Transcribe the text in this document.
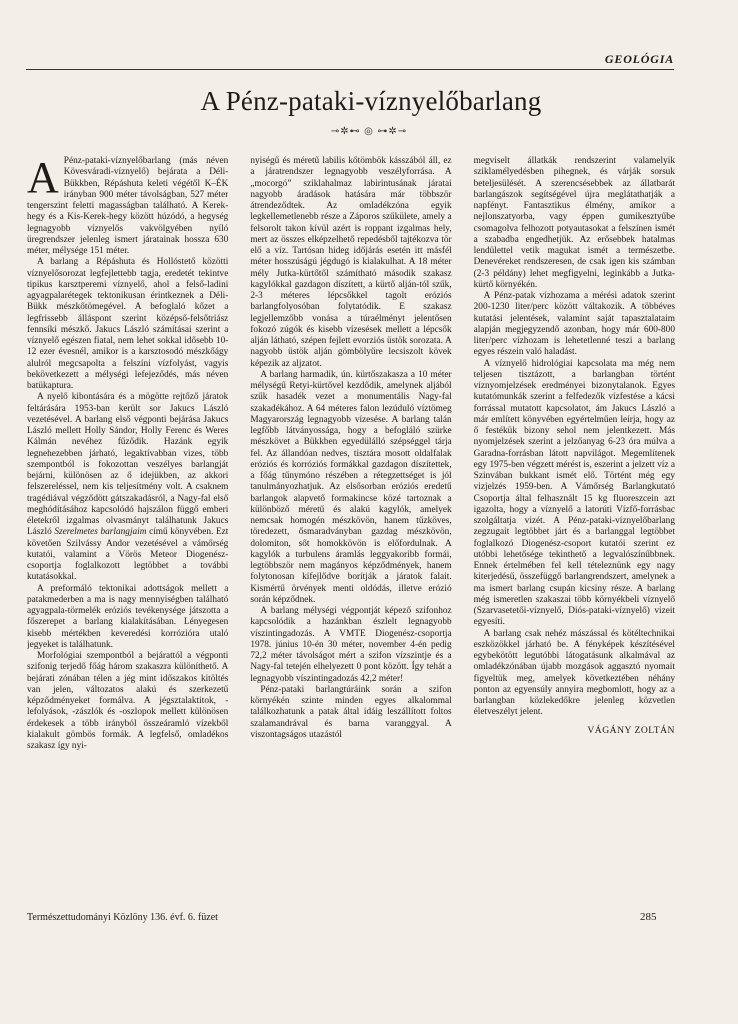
GEOLÓGIA
A Pénz-pataki-víznyelőbarlang
⊸✲⊷ ◎ ⊶✲⊸

A Pénz-pataki-víznyelőbarlang (más néven Kövesváradi-víznyelő) bejárata a Déli-Bükkben, Répáshuta keleti végétől K–ÉK irányban 900 méter távolságban, 527 méter tengerszint feletti magasságban található. A Kerek-hegy és a Kis-Kerek-hegy között húzódó, a hegység legnagyobb víznyelős vakvölgyében nyíló üregrendszer jelenleg ismert járatainak hossza 630 méter, mélysége 151 méter.

A barlang a Répáshuta és Hollóstető közötti víznyelősorozat legfejlettebb tagja, eredetét tekintve tipikus karsztperemi víznyelő, ahol a felső-ladini agyagpalarétegek tektonikusan érintkeznek a Déli-Bükk mészkőtömegével. A befoglaló kőzet a legfrissebb álláspont szerint középső-felsőtriász fennsíki mészkő. Jakucs László számításai szerint a víznyelő egészen fiatal, nem lehet sokkal idősebb 10-12 ezer évesnél, amikor is a karsztosodó mészkőágy alulról megcsapolta a felszíni vízfolyást, vagyis bekövetkezett a mélységi lefejeződés, más néven batükaptura.

A nyelő kibontására és a mögötte rejtőző járatok feltárására 1953-ban került sor Jakucs László vezetésével. A barlang első végponti bejárása Jakucs László mellett Holly Sándor, Holly Ferenc és Weres Kálmán nevéhez fűződik. Hazánk egyik legnehezebben járható, legaktívabban vizes, több szempontból is fokozottan veszélyes barlangját bejárni, különösen az ő idejükben, az akkori felszereléssel, nem kis teljesítmény volt. A csaknem tragédiával végződött gátszakadásról, a Nagy-fal első meghódításához kapcsolódó hajszálon függő emberi életekről izgalmas olvasmányt találhatunk Jakucs László Szerelmetes barlangjaim című könyvében. Ezt követően Szilvássy Andor vezetésével a vámőrség kutatói, valamint a Vörös Meteor Diogenész-csoportja foglalkozott legtöbbet a további kutatásokkal.

A preformáló tektonikai adottságok mellett a patakmederben a ma is nagy mennyiségben található agyagpala-törmelék eróziós tevékenysége játszotta a főszerepet a barlang kialakításában. Lényegesen kisebb mértékben keveredési korrózióra utaló jegyeket is találhatunk.

Morfológiai szempontból a bejárattól a végponti szifonig terjedő főág három szakaszra különíthető. A bejárati zónában télen a jég mint időszakos kitöltés van jelen, változatos alakú és szerkezetű képződményeket formálva. A jégsztalaktitok, -lefolyások, -zászlók és -oszlopok mellett különösen érdekesek a több irányból összeáramló vízekből kialakult gömbös formák. A legfelső, omladékos szakasz így nyi-

nyiségű és méretű labilis kőtömbök kásszából áll, ez a járatrendszer legnagyobb veszélyforrása. A „mocorgó” sziklahalmaz labirintusának járatai nagyobb áradások hatására már többször átrendeződtek. Az omladékzóna egyik legkellemetlenebb része a Záporos szűkülete, amely a felsorolt takon kívül azért is roppant izgalmas hely, mert az összes elképzelhető repedésből tajtékozva tör elő a víz. Tartósan hideg időjárás esetén itt másfél méter hosszúságú jégdugó is kialakulhat. A 18 méter mély Jutka-kürtőtől számítható második szakasz kagylókkal gazdagon díszített, a kürtő alján-tól szűk, 2-3 méteres lépcsőkkel tagolt eróziós barlangfolyosóban folytatódik. E szakasz legjellemzőbb vonása a túraélményt jelentősen fokozó zúgók és kisebb vízesések mellett a lépcsők alján látható, szépen fejlett evorziós üstök sorozata. A nagyobb üstök alján gömbölyűre lecsiszolt kövek képezik az aljzatot.

A barlang harmadik, ún. kürtőszakasza a 10 méter mélységű Retyi-kürtővel kezdődik, amelynek aljából szűk hasadék vezet a monumentális Nagy-fal szakadékához. A 64 méteres falon lezúduló víztömeg Magyarország legnagyobb vízesése. A barlang talán legfőbb látványossága, hogy a befogláló szürke mészkövet a Bükkben egyedülálló szépséggel tárja fel. Az állandóan nedves, tisztára mosott oldalfalak eróziós és korróziós formákkal gazdagon díszítettek, a főág tűnymóno részében a rétegzettséget is jól tanulmányozhatjuk. Az elsősorban eróziós eredetű barlangok alapvető formakincse közé tartoznak a különböző méretű és alakú kagylók, amelyek nemcsak homogén mészkövön, hanem tűzköves, töredezett, ősmaradványban gazdag mészkövön, dolomiton, sőt homokkövön is előfordulnak. A kagylók a turbulens áramlás leggyakoribb formái, legtöbbször nem magányos képződmények, hanem folytonosan kifejlődve borítják a járatok falait. Kismértű örvények menti oldódás, illetve erózió során képződnek.

A barlang mélységi végpontját képező szifonhoz kapcsolódik a hazánkban észlelt legnagyobb víszintingadozás. A VMTE Diogenész-csoportja 1978. június 10-én 30 méter, november 4-én pedig 72,2 méter távolságot mért a szifon vízszintje és a Nagy-fal tetején elhelyezett 0 pont között. Így tehát a legnagyobb víszintingadozás 42,2 méter!

Pénz-pataki barlangtúráink során a szifon környékén szinte minden egyes alkalommal találkozhatunk a patak által idáig leszállított foltos szalamandrával és barna varanggyal. A viszontagságos utazástól

megviselt állatkák rendszerint valamelyik sziklamélyedésben pihegnek, és várják sorsuk beteljesülését. A szerencsésebbek az állatbarát barlangászok segítségével újra meglátathatják a napfényt. Fantasztikus élmény, amikor a nejlonszatyorba, vagy éppen gumikesztyűbe csomagolva felhozott potyautasokat a felszínen ismét a szabadba engedhetjük. Az erősebbek hatalmas lendülettel vetik magukat ismét a természetbe. Denevéreket rendszeresen, de csak igen kis számban (2-3 példány) lehet megfigyelni, leginkább a Jutka-kürtő környékén.

A Pénz-patak vízhozama a mérési adatok szerint 200-1230 liter/perc között váltakozik. A többéves kutatási jelentések, valamint saját tapasztalataim alapján megjegyzendő azonban, hogy már 600-800 liter/perc vízhozam is lehetetlenné teszi a barlang egyes részein való haladást.

A víznyelő hidrológiai kapcsolata ma még nem teljesen tisztázott, a barlangban történt víznyomjelzések eredményei bizonytalanok. Egyes kutatómunkák szerint a felfedezők vízfestése a kácsi forrással mutatott kapcsolatot, ám Jakucs László a már említett könyvében egyértelműen leírja, hogy az ő festékük bizony sehol nem jelentkezett. Más nyomjelzések szerint a jelzőanyag 6-23 óra múlva a Garadna-forrásban látott napvilágot. Megemlítenek egy 1975-ben végzett mérést is, eszerint a jelzett víz a Szinvában bukkant ismét elő. Történt még egy vizjelzés 1959-ben. A Vámőrség Barlangkutató Csoportja által felhasznált 15 kg fluoreszcein azt igazolta, hogy a víznyelő a latorúti Vízfő-forrásbac szolgáltatja vizét. A Pénz-pataki-víznyelőbarlang zegzugait legtöbbet járt és a barlanggal legtöbbet foglalkozó Diogenész-csoport kutatói szerint ez utóbbi lehetősége tekinthető a legvalószínűbbnek. Ennek értelmében fel kell tételeznünk egy nagy kiterjedésű, összefüggő barlangrendszert, amelynek a ma ismert barlang csupán kicsiny része. A barlang még ismeretlen szakaszai több környékbeli víznyelő (Szarvasetetői-víznyelő, Diós-pataki-víznyelő) vizeit egyesíti.

A barlang csak nehéz mászással és kötéltechnikai eszközökkel járható be. A fényképek készítésével egybekötött legutóbbi látogatásunk alkalmával az omladékzónában újabb mozgások aggasztó nyomait figyeltük meg, amelyek következtében néhány ponton az egyensúly annyira megbomlott, hogy az a barlangban közlekedőkre jelenleg közvetlen életveszélyt jelent.

VÁGÁNY ZOLTÁN
Természettudományi Közlöny 136. évf. 6. füzet	285
